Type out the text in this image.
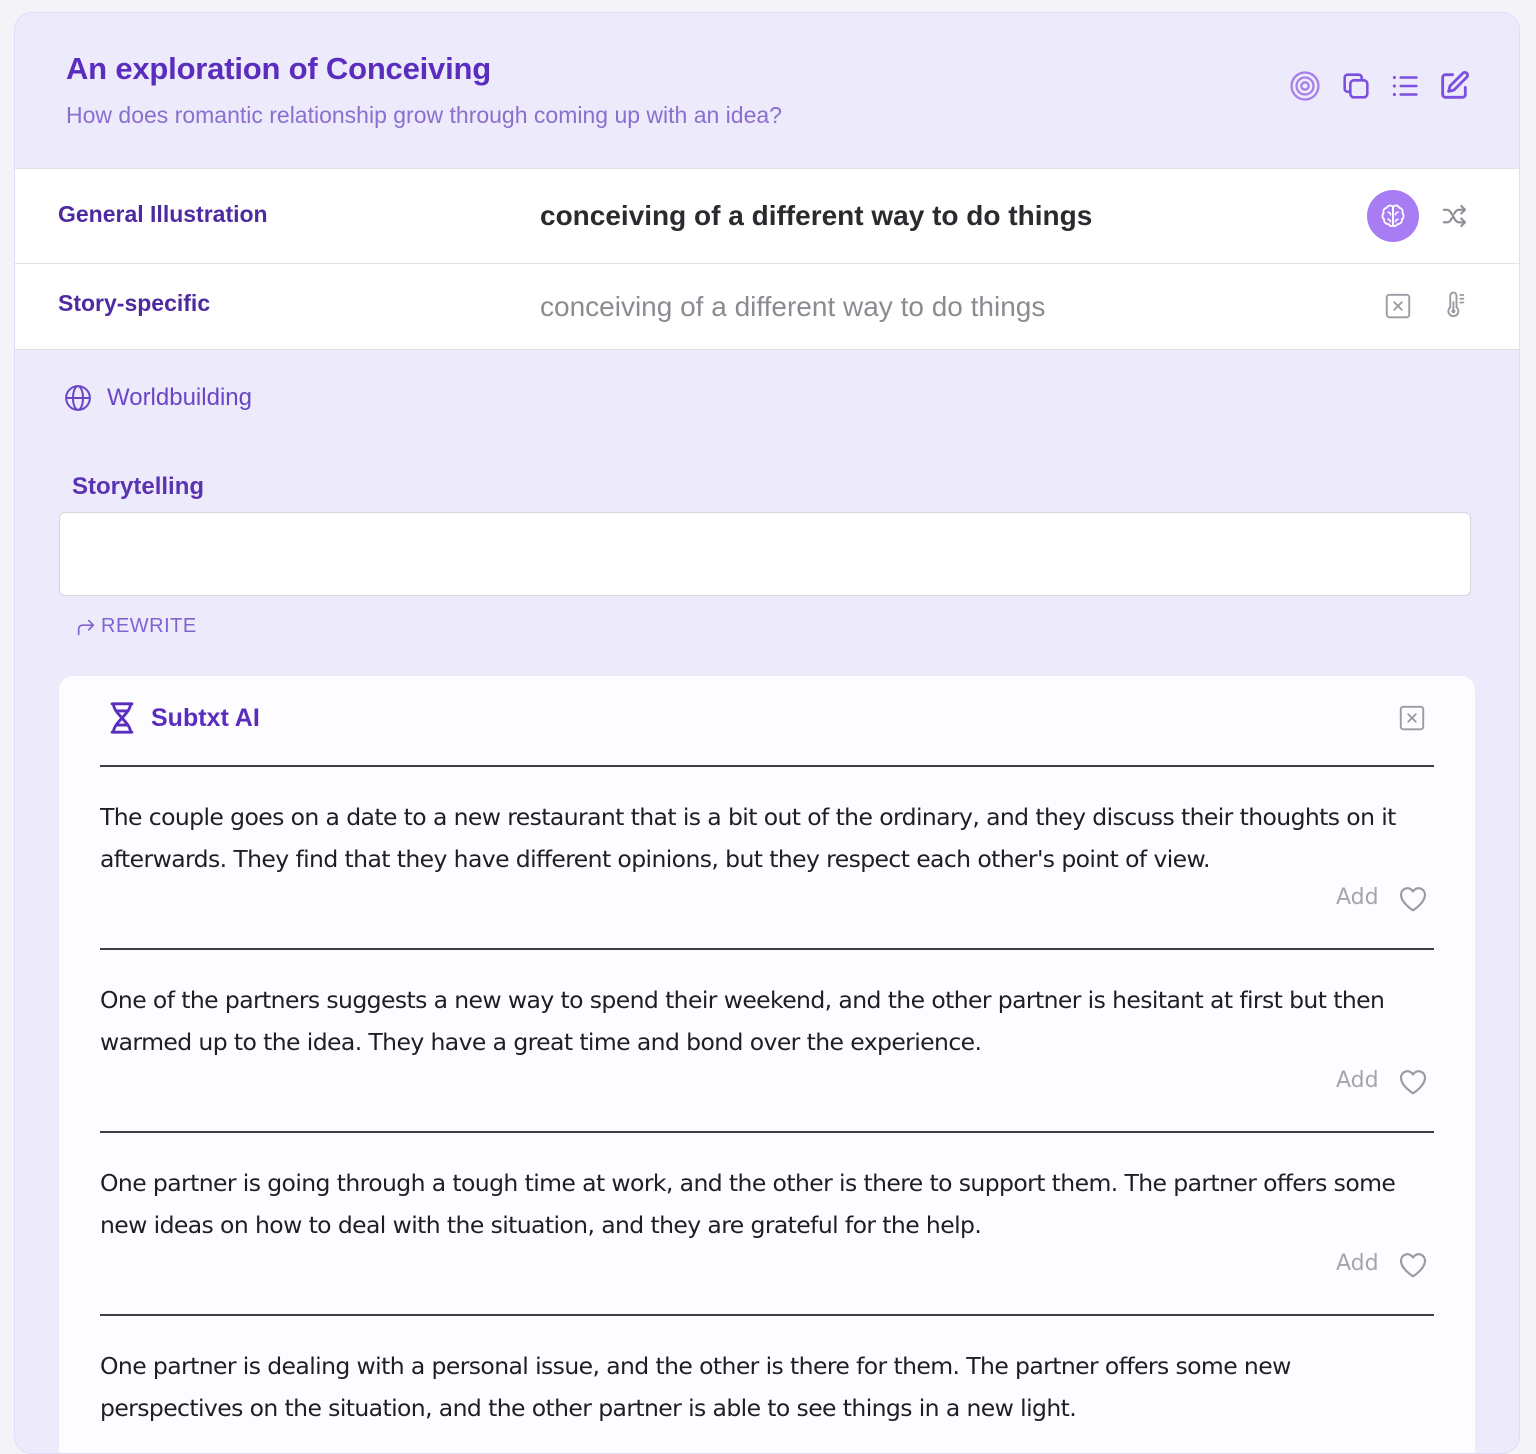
An exploration of Conceiving
How does romantic relationship grow through coming up with an idea?
General Illustration	conceiving of a different way to do things
Story-specific	conceiving of a different way to do things
Worldbuilding
Storytelling
REWRITE
Subtxt AI
The couple goes on a date to a new restaurant that is a bit out of the ordinary, and they discuss their thoughts on it afterwards. They find that they have different opinions, but they respect each other's point of view.
Add
One of the partners suggests a new way to spend their weekend, and the other partner is hesitant at first but then warmed up to the idea. They have a great time and bond over the experience.
Add
One partner is going through a tough time at work, and the other is there to support them. The partner offers some new ideas on how to deal with the situation, and they are grateful for the help.
Add
One partner is dealing with a personal issue, and the other is there for them. The partner offers some new perspectives on the situation, and the other partner is able to see things in a new light.
